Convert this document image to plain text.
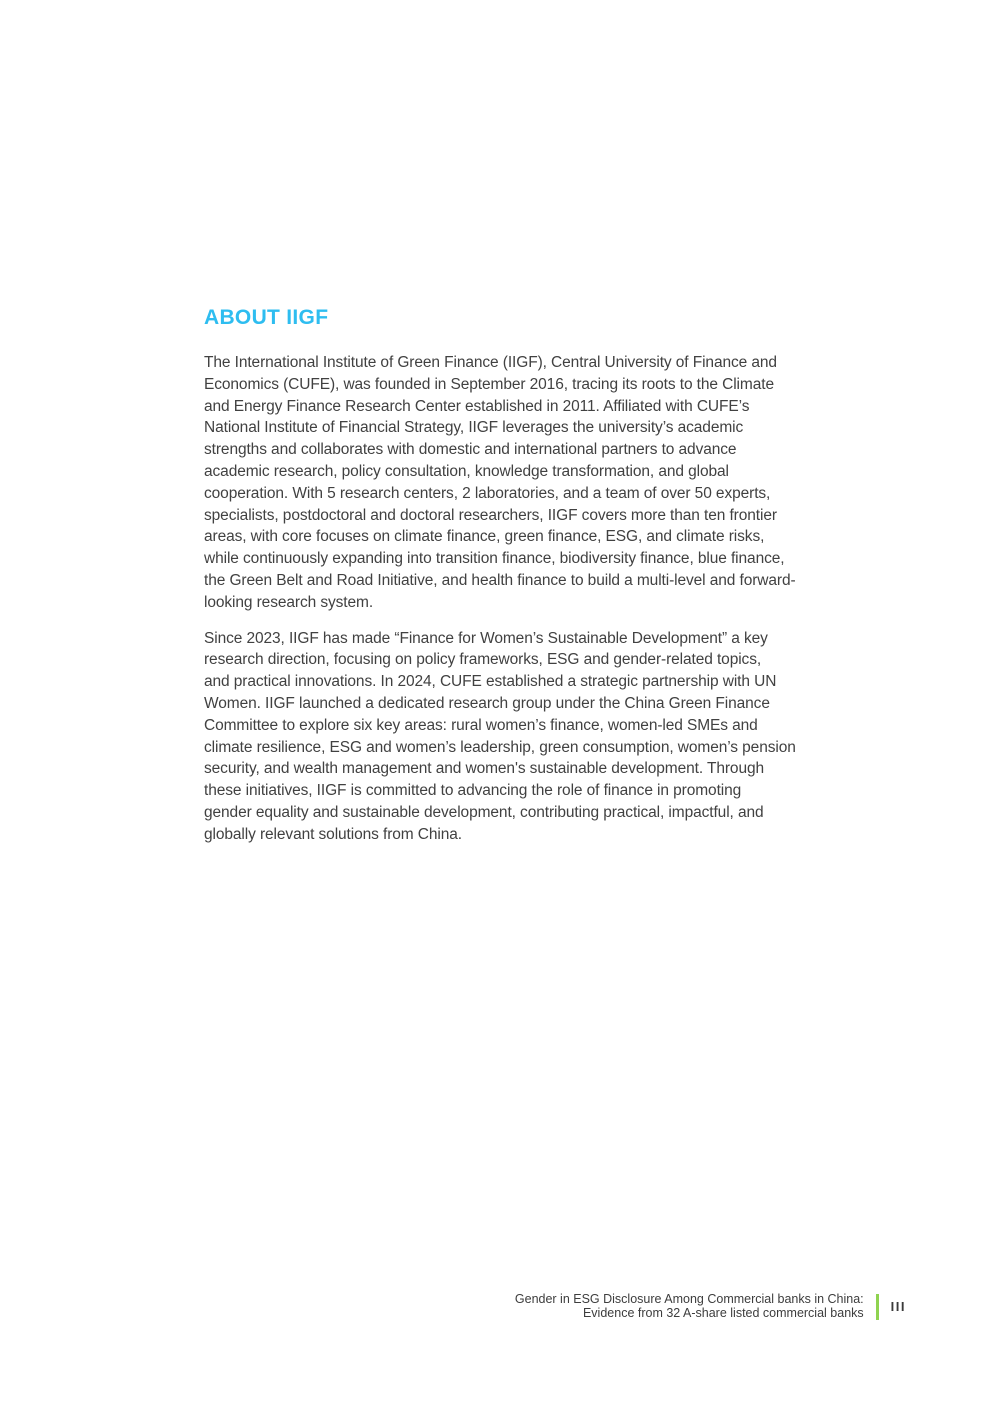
ABOUT IIGF
The International Institute of Green Finance (IIGF), Central University of Finance and
Economics (CUFE), was founded in September 2016, tracing its roots to the Climate
and Energy Finance Research Center established in 2011. Affiliated with CUFE’s
National Institute of Financial Strategy, IIGF leverages the university’s academic
strengths and collaborates with domestic and international partners to advance
academic research, policy consultation, knowledge transformation, and global
cooperation. With 5 research centers, 2 laboratories, and a team of over 50 experts,
specialists, postdoctoral and doctoral researchers, IIGF covers more than ten frontier
areas, with core focuses on climate finance, green finance, ESG, and climate risks,
while continuously expanding into transition finance, biodiversity finance, blue finance,
the Green Belt and Road Initiative, and health finance to build a multi-level and forward-
looking research system.
Since 2023, IIGF has made “Finance for Women’s Sustainable Development” a key
research direction, focusing on policy frameworks, ESG and gender-related topics,
and practical innovations. In 2024, CUFE established a strategic partnership with UN
Women. IIGF launched a dedicated research group under the China Green Finance
Committee to explore six key areas: rural women’s finance, women-led SMEs and
climate resilience, ESG and women’s leadership, green consumption, women’s pension
security, and wealth management and women's sustainable development. Through
these initiatives, IIGF is committed to advancing the role of finance in promoting
gender equality and sustainable development, contributing practical, impactful, and
globally relevant solutions from China.
Gender in ESG Disclosure Among Commercial banks in China:
Evidence from 32 A-share listed commercial banks III
